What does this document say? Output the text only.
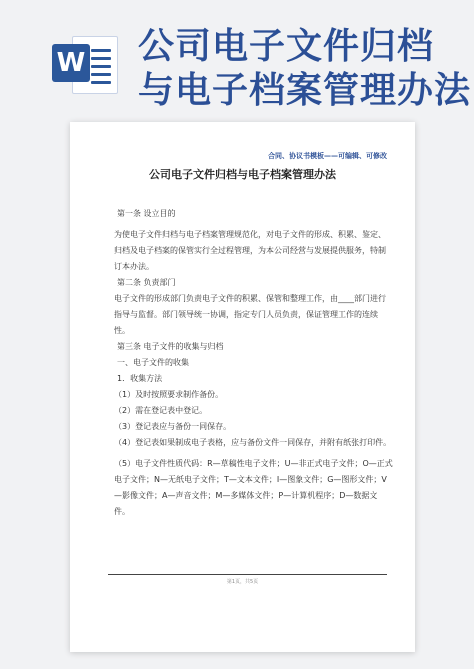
W 公司电子文件归档
与电子档案管理办法
合同、协议书模板——可编辑、可修改
公司电子文件归档与电子档案管理办法

第一条 设立目的

为使电子文件归档与电子档案管理规范化，对电子文件的形成、积累、鉴定、归档及电子档案的保管实行全过程管理，为本公司经营与发展提供服务，特制订本办法。

第二条 负责部门

电子文件的形成部门负责电子文件的积累、保管和整理工作，由____部门进行指导与监督。部门领导统一协调，指定专门人员负责，保证管理工作的连续性。

第三条 电子文件的收集与归档

一、电子文件的收集

1．收集方法

（1）及时按照要求制作备份。

（2）需在登记表中登记。

（3）登记表应与备份一同保存。

（4）登记表如果制成电子表格，应与备份文件一同保存，并附有纸张打印件。

（5）电子文件性质代码：R—草稿性电子文件；U—非正式电子文件；O—正式电子文件；N—无纸电子文件；T—文本文件；I—图象文件；G—图形文件；V—影像文件；A—声音文件；M—多媒体文件；P—计算机程序；D—数据文件。

第1页，共5页
